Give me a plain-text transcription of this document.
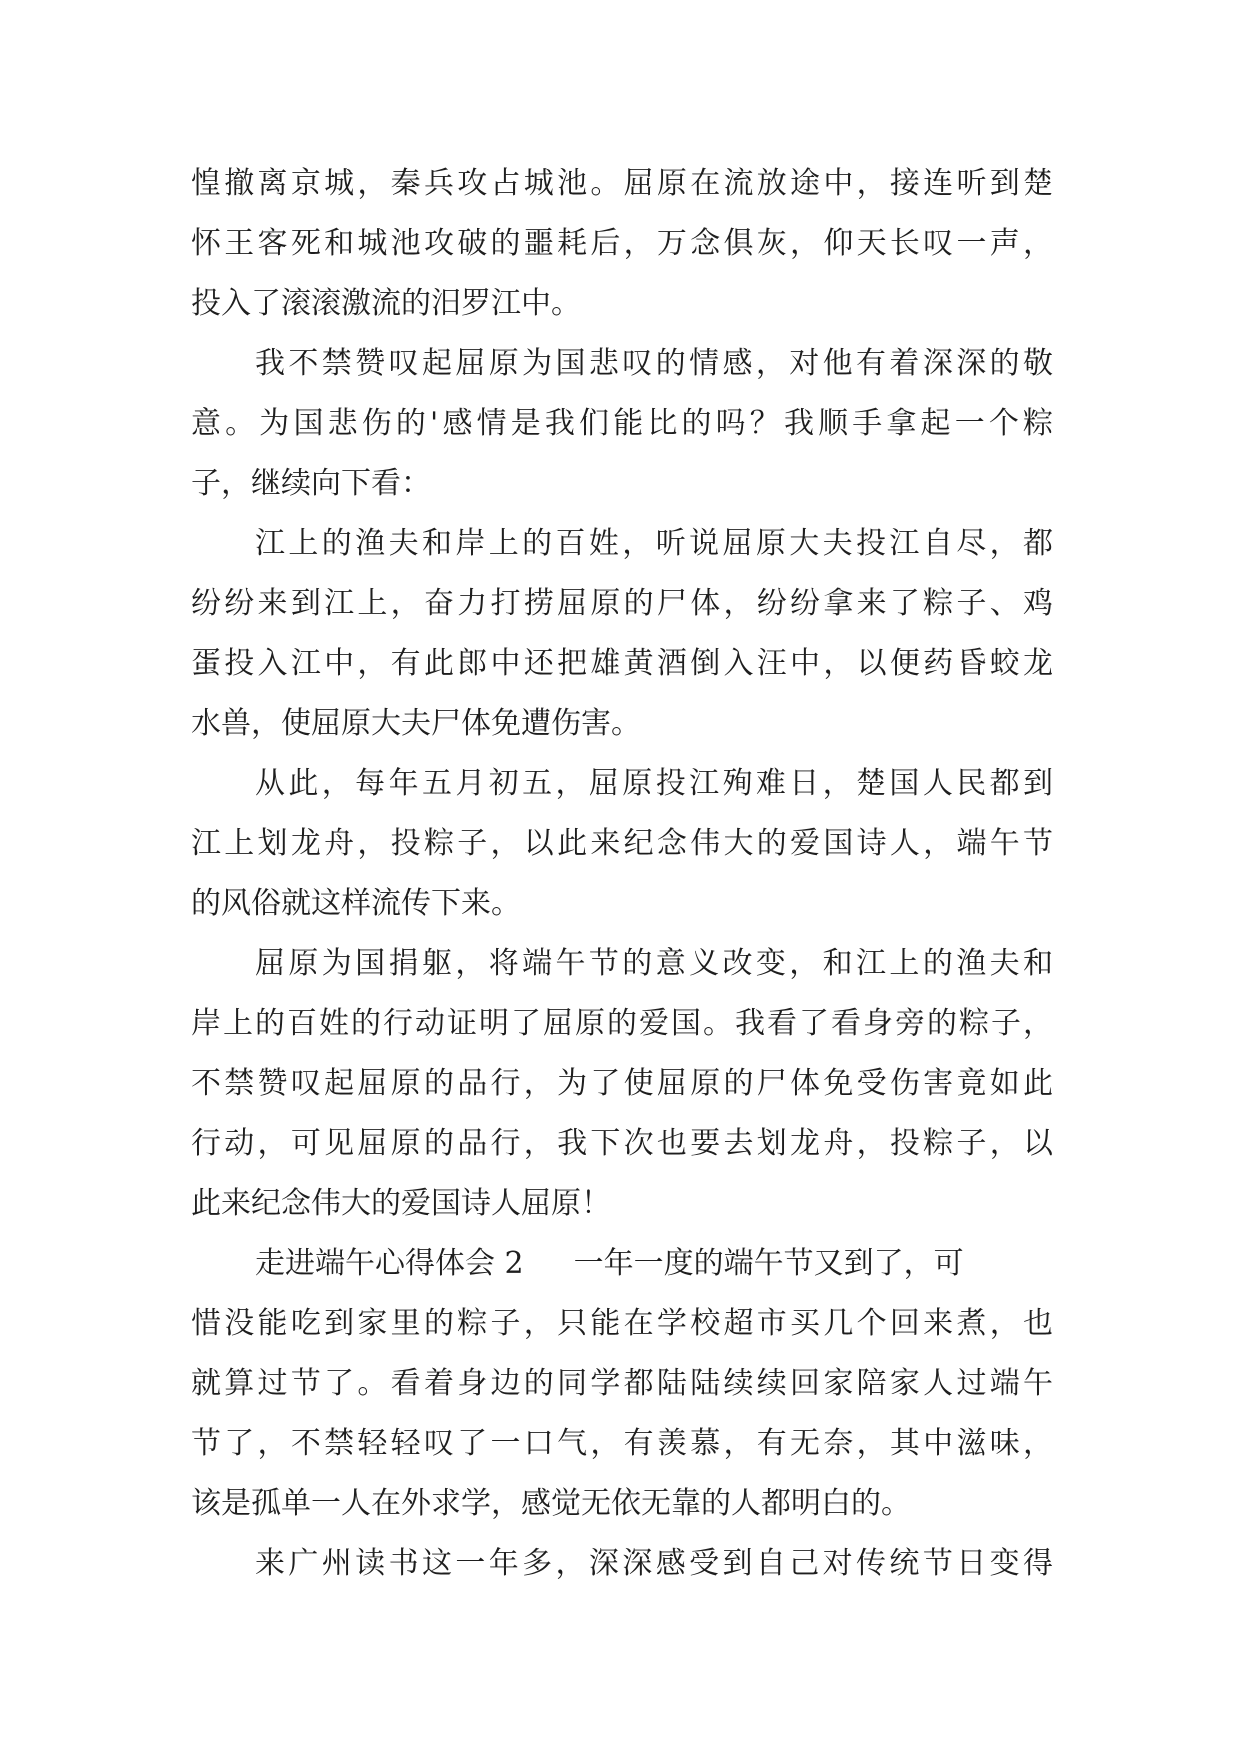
惶撤离京城，秦兵攻占城池。屈原在流放途中，接连听到楚
怀王客死和城池攻破的噩耗后，万念俱灰，仰天长叹一声，
投入了滚滚激流的汨罗江中。
我不禁赞叹起屈原为国悲叹的情感，对他有着深深的敬
意。为国悲伤的'感情是我们能比的吗？我顺手拿起一个粽
子，继续向下看：
江上的渔夫和岸上的百姓，听说屈原大夫投江自尽，都
纷纷来到江上，奋力打捞屈原的尸体，纷纷拿来了粽子、鸡
蛋投入江中，有此郎中还把雄黄酒倒入汪中，以便药昏蛟龙
水兽，使屈原大夫尸体免遭伤害。
从此，每年五月初五，屈原投江殉难日，楚国人民都到
江上划龙舟，投粽子，以此来纪念伟大的爱国诗人，端午节
的风俗就这样流传下来。
屈原为国捐躯，将端午节的意义改变，和江上的渔夫和
岸上的百姓的行动证明了屈原的爱国。我看了看身旁的粽子，
不禁赞叹起屈原的品行，为了使屈原的尸体免受伤害竟如此
行动，可见屈原的品行，我下次也要去划龙舟，投粽子，以
此来纪念伟大的爱国诗人屈原！
走进端午心得体会 2 一年一度的端午节又到了，可
惜没能吃到家里的粽子，只能在学校超市买几个回来煮，也
就算过节了。看着身边的同学都陆陆续续回家陪家人过端午
节了，不禁轻轻叹了一口气，有羡慕，有无奈，其中滋味，
该是孤单一人在外求学，感觉无依无靠的人都明白的。
来广州读书这一年多，深深感受到自己对传统节日变得
